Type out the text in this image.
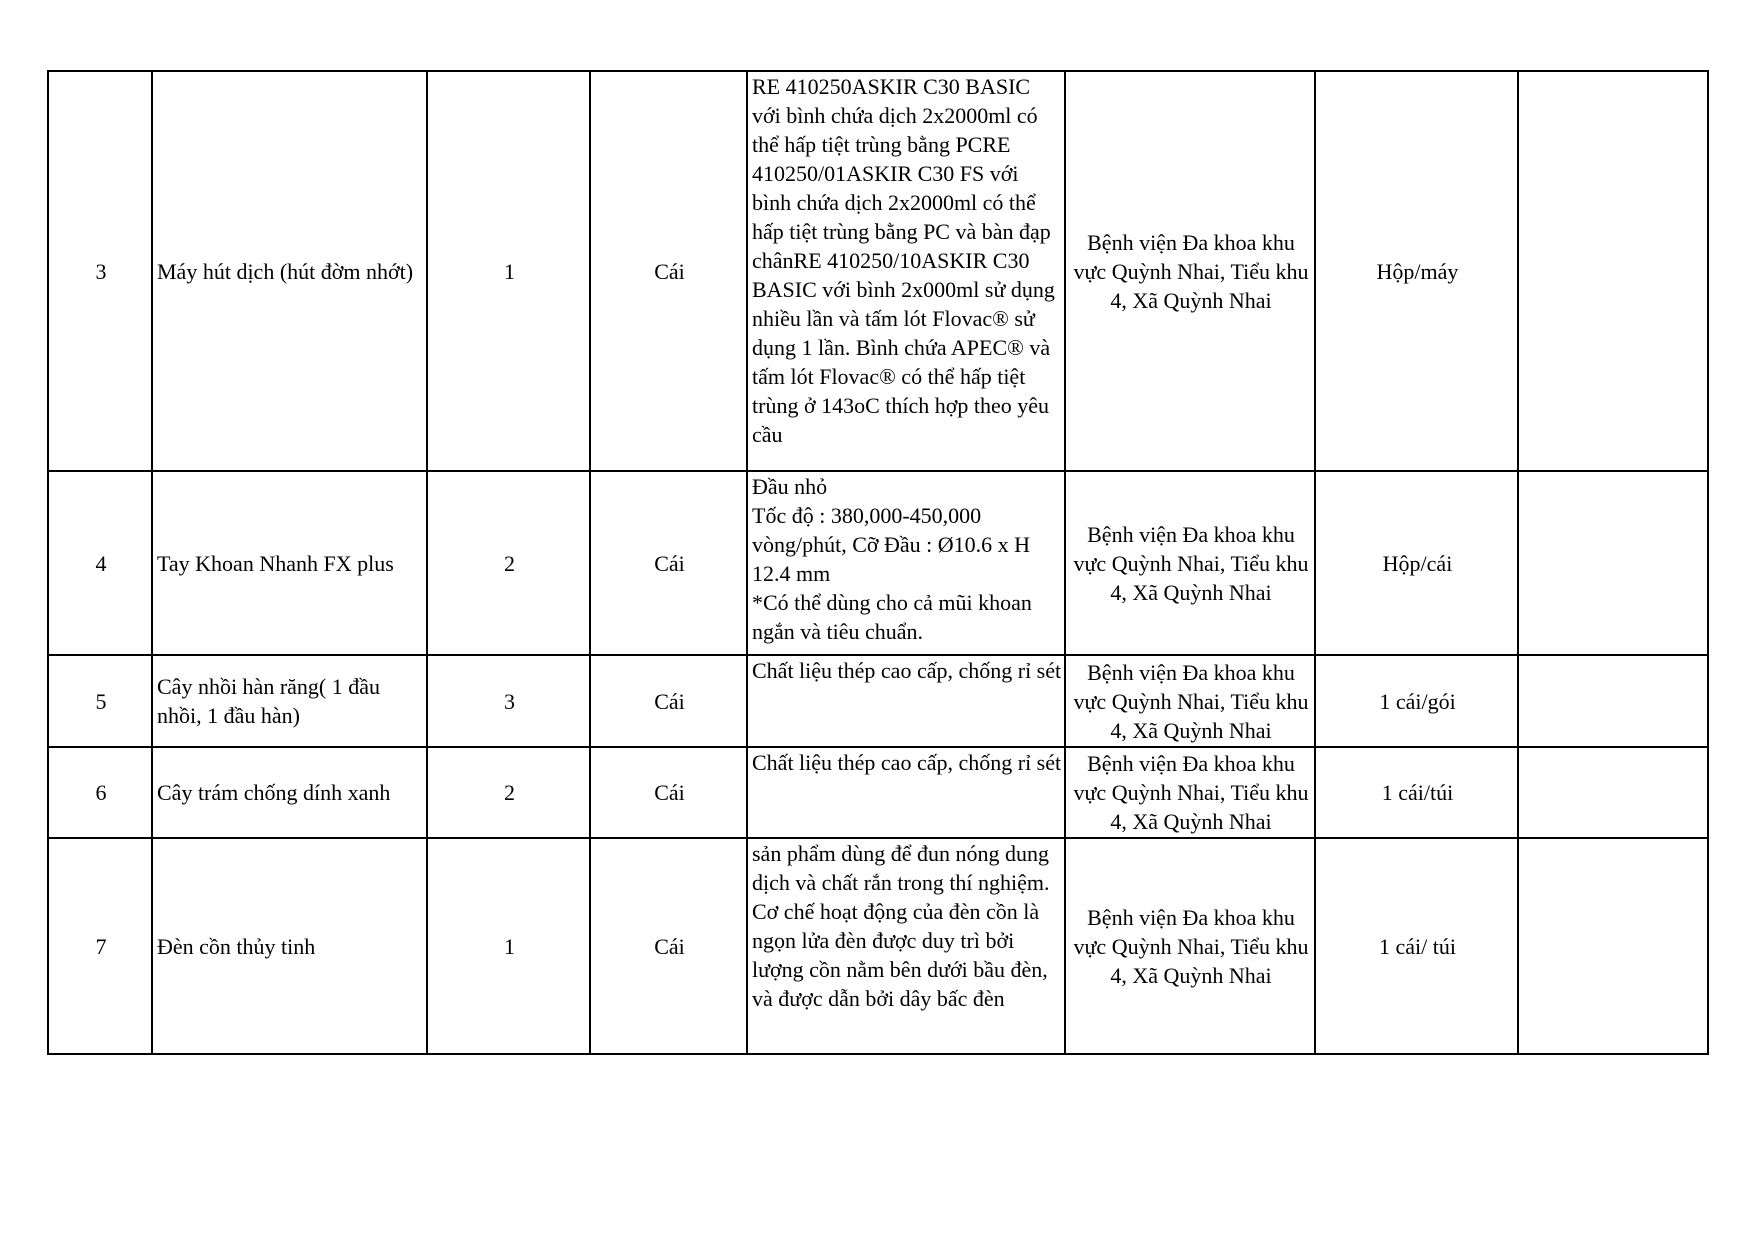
3	Máy hút dịch (hút đờm nhớt)	1	Cái	RE 410250ASKIR C30 BASIC với bình chứa dịch 2x2000ml có thể hấp tiệt trùng bằng PCRE 410250/01ASKIR C30 FS với bình chứa dịch 2x2000ml có thể hấp tiệt trùng bằng PC và bàn đạp chânRE 410250/10ASKIR C30 BASIC với bình 2x000ml sử dụng nhiều lần và tấm lót Flovac® sử dụng 1 lần. Bình chứa APEC® và tấm lót Flovac® có thể hấp tiệt trùng ở 143oC thích hợp theo yêu cầu	Bệnh viện Đa khoa khu vực Quỳnh Nhai, Tiểu khu 4, Xã Quỳnh Nhai	Hộp/máy	
4	Tay Khoan Nhanh FX plus	2	Cái	Đầu nhỏ
Tốc độ : 380,000-450,000 vòng/phút, Cỡ Đầu : Ø10.6 x H 12.4 mm
*Có thể dùng cho cả mũi khoan ngắn và tiêu chuẩn.	Bệnh viện Đa khoa khu vực Quỳnh Nhai, Tiểu khu 4, Xã Quỳnh Nhai	Hộp/cái	
5	Cây nhồi hàn răng( 1 đầu nhồi, 1 đầu hàn)	3	Cái	Chất liệu thép cao cấp, chống rỉ sét	Bệnh viện Đa khoa khu vực Quỳnh Nhai, Tiểu khu 4, Xã Quỳnh Nhai	1 cái/gói	
6	Cây trám chống dính xanh	2	Cái	Chất liệu thép cao cấp, chống rỉ sét	Bệnh viện Đa khoa khu vực Quỳnh Nhai, Tiểu khu 4, Xã Quỳnh Nhai	1 cái/túi	
7	Đèn cồn thủy tinh	1	Cái	sản phẩm dùng để đun nóng dung dịch và chất rắn trong thí nghiệm. Cơ chế hoạt động của đèn cồn là ngọn lửa đèn được duy trì bởi lượng cồn nằm bên dưới bầu đèn, và được dẫn bởi dây bấc đèn	Bệnh viện Đa khoa khu vực Quỳnh Nhai, Tiểu khu 4, Xã Quỳnh Nhai	1 cái/ túi	
